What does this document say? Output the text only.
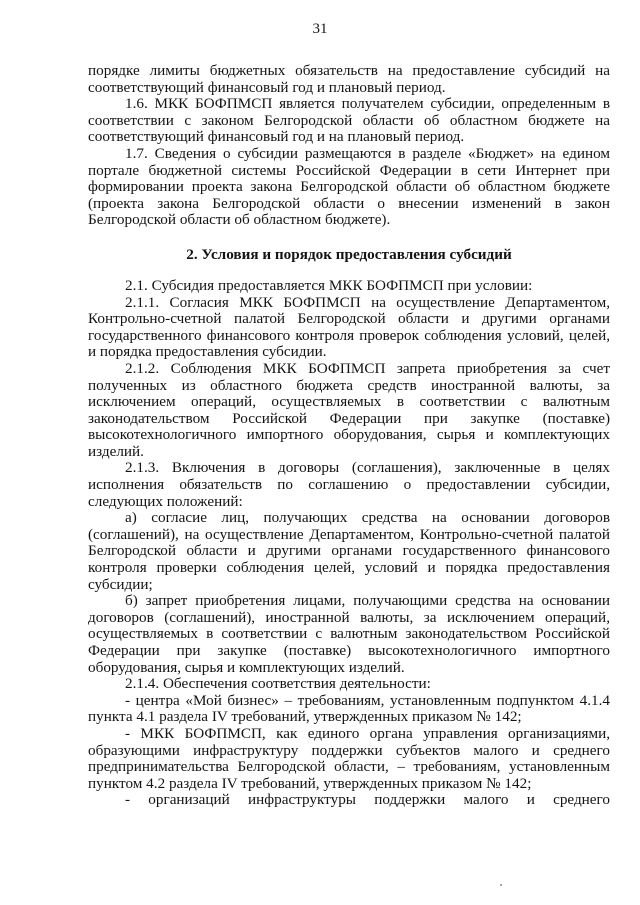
31

порядке лимиты бюджетных обязательств на предоставление субсидий на соответствующий финансовый год и плановый период.

1.6. МКК БОФПМСП является получателем субсидии, определенным в соответствии с законом Белгородской области об областном бюджете на соответствующий финансовый год и на плановый период.

1.7. Сведения о субсидии размещаются в разделе «Бюджет» на едином портале бюджетной системы Российской Федерации в сети Интернет при формировании проекта закона Белгородской области об областном бюджете (проекта закона Белгородской области о внесении изменений в закон Белгородской области об областном бюджете).

2. Условия и порядок предоставления субсидий

2.1. Субсидия предоставляется МКК БОФПМСП при условии:

2.1.1. Согласия МКК БОФПМСП на осуществление Департаментом, Контрольно-счетной палатой Белгородской области и другими органами государственного финансового контроля проверок соблюдения условий, целей, и порядка предоставления субсидии.

2.1.2. Соблюдения МКК БОФПМСП запрета приобретения за счет полученных из областного бюджета средств иностранной валюты, за исключением операций, осуществляемых в соответствии с валютным законодательством Российской Федерации при закупке (поставке) высокотехнологичного импортного оборудования, сырья и комплектующих изделий.

2.1.3. Включения в договоры (соглашения), заключенные в целях исполнения обязательств по соглашению о предоставлении субсидии, следующих положений:

а) согласие лиц, получающих средства на основании договоров (соглашений), на осуществление Департаментом, Контрольно-счетной палатой Белгородской области и другими органами государственного финансового контроля проверки соблюдения целей, условий и порядка предоставления субсидии;

б) запрет приобретения лицами, получающими средства на основании договоров (соглашений), иностранной валюты, за исключением операций, осуществляемых в соответствии с валютным законодательством Российской Федерации при закупке (поставке) высокотехнологичного импортного оборудования, сырья и комплектующих изделий.

2.1.4. Обеспечения соответствия деятельности:

- центра «Мой бизнес» – требованиям, установленным подпунктом 4.1.4 пункта 4.1 раздела IV требований, утвержденных приказом № 142;

- МКК БОФПМСП, как единого органа управления организациями, образующими инфраструктуру поддержки субъектов малого и среднего предпринимательства Белгородской области, – требованиям, установленным пунктом 4.2 раздела IV требований, утвержденных приказом № 142;

- организаций инфраструктуры поддержки малого и среднего
